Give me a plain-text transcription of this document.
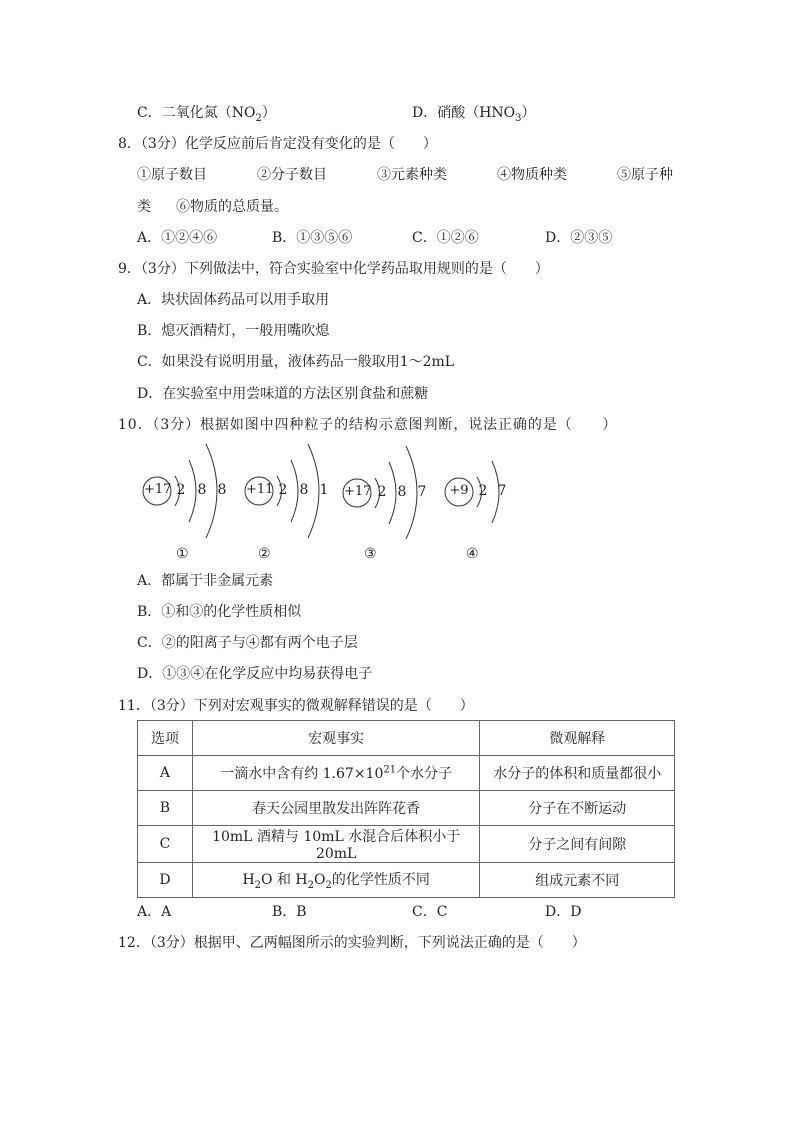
C．二氧化氮$(NO_2)$	D．硝酸$(HNO_3)$
8．（3分）化学反应前后肯定没有变化的是（　　）
①原子数目	②分子数目	③元素种类	④物质种类	⑤原子种
类 ⑥物质的总质量。
A．①②④⑥	B．①③⑤⑥	C．①②⑥	D．②③⑤
9．（3分）下列做法中，符合实验室中化学药品取用规则的是（　　）
A．块状固体药品可以用手取用
B．熄灭酒精灯，一般用嘴吹熄
C．如果没有说明用量，液体药品一般取用1～2mL
D．在实验室中用尝味道的方法区别食盐和蔗糖
10．（3分）根据如图中四种粒子的结构示意图判断，说法正确的是（　　）
+17 2 8 8
①
+11 2 8 1
②
+17 2 8 7
③
+9 2 7
④
A．都属于非金属元素
B．①和③的化学性质相似
C．②的阳离子与④都有两个电子层
D．①③④在化学反应中均易获得电子
11．（3分）下列对宏观事实的微观解释错误的是（　　）
选项	宏观事实	微观解释
A	一滴水中含有约 $1.67\times 10^{21}$个水分子	水分子的体积和质量都很小
B	春天公园里散发出阵阵花香	分子在不断运动
C	10mL 酒精与 10mL 水混合后体积小于 20mL	分子之间有间隙
D	$H_2O$ 和 $H_2O_2$的化学性质不同	组成元素不同
A．A	B．B	C．C	D．D
12．（3分）根据甲、乙两幅图所示的实验判断，下列说法正确的是（　　）
